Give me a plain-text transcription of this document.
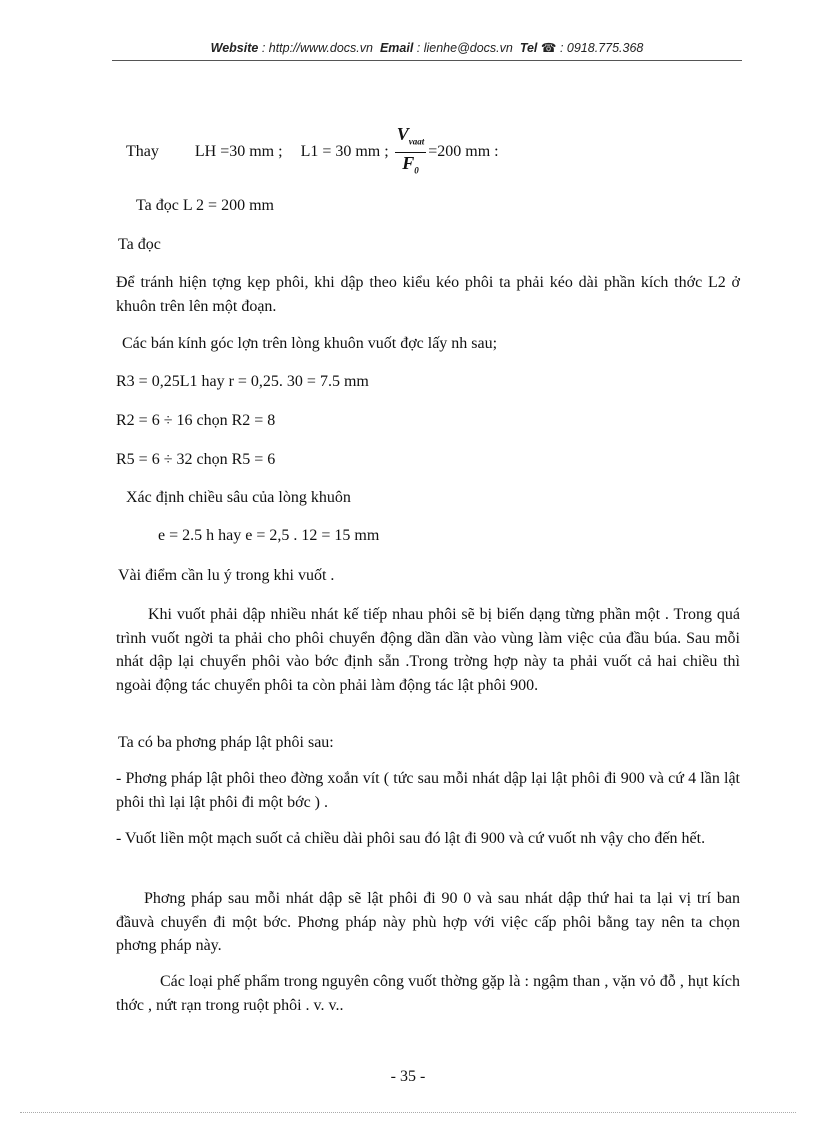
Website : http://www.docs.vn Email : lienhe@docs.vn Tel ☎ : 0918.775.368
Thay LH =30 mm ; L1 = 30 mm ; $\frac{V_{vaat}}{F_0} =200$ mm :
Ta đọc L 2 = 200 mm
Ta đọc
Để tránh hiện tợng kẹp phôi, khi dập theo kiểu kéo phôi ta phải kéo dài phần kích thớc L2 ở khuôn trên lên một đoạn.
Các bán kính góc lợn trên lòng khuôn vuốt đợc lấy nh sau;
R3 = 0,25L1 hay r = 0,25. 30 = 7.5 mm
R2 = 6 ÷ 16 chọn R2 = 8
R5 = 6 ÷ 32 chọn R5 = 6
Xác định chiều sâu của lòng khuôn
e = 2.5 h hay e = 2,5 . 12 = 15 mm
Vài điểm cần lu ý trong khi vuốt .
Khi vuốt phải dập nhiều nhát kế tiếp nhau phôi sẽ bị biến dạng từng phần một . Trong quá trình vuốt ngời ta phải cho phôi chuyển động dần dần vào vùng làm việc của đầu búa. Sau mỗi nhát dập lại chuyển phôi vào bớc định sẵn .Trong trờng hợp này ta phải vuốt cả hai chiều thì ngoài động tác chuyển phôi ta còn phải làm động tác lật phôi 900.
Ta có ba phơng pháp lật phôi sau:
- Phơng pháp lật phôi theo đờng xoắn vít ( tức sau mỗi nhát dập lại lật phôi đi 900 và cứ 4 lần lật phôi thì lại lật phôi đi một bớc ) .
- Vuốt liền một mạch suốt cả chiều dài phôi sau đó lật đi 900 và cứ vuốt nh vậy cho đến hết.
Phơng pháp sau mỗi nhát dập sẽ lật phôi đi 90 0 và sau nhát dập thứ hai ta lại vị trí ban đầuvà chuyển đi một bớc. Phơng pháp này phù hợp với việc cấp phôi bằng tay nên ta chọn phơng pháp này.
Các loại phế phẩm trong nguyên công vuốt thờng gặp là : ngậm than , vặn vỏ đỗ , hụt kích thớc , nứt rạn trong ruột phôi . v. v..
- 35 -
